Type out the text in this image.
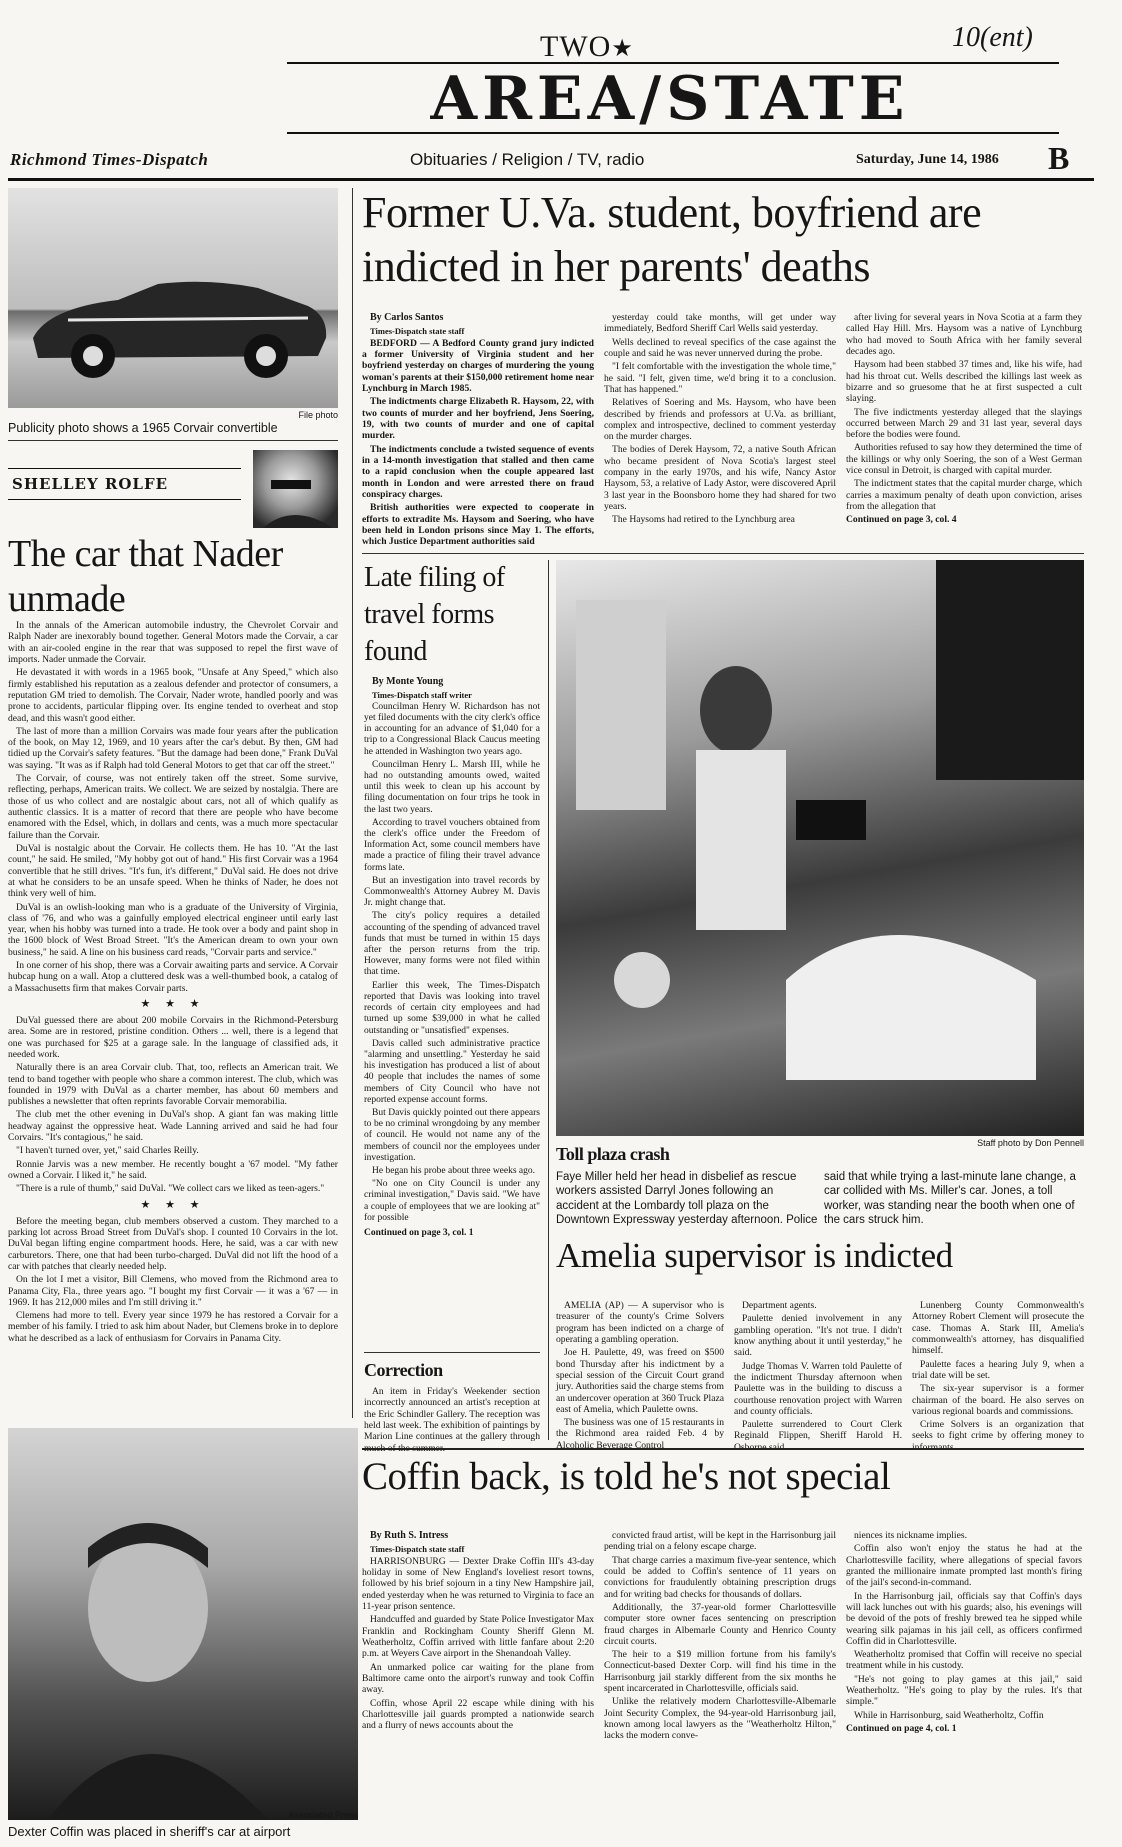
10(ent)
TWO★
AREA/STATE
Richmond Times-Dispatch	Obituaries / Religion / TV, radio	Saturday, June 14, 1986 B
File photo
Publicity photo shows a 1965 Corvair convertible
SHELLEY ROLFE
The car that Nader unmade

In the annals of the American automobile industry, the Chevrolet Corvair and Ralph Nader are inexorably bound together. General Motors made the Corvair, a car with an air-cooled engine in the rear that was supposed to repel the first wave of imports. Nader unmade the Corvair.

He devastated it with words in a 1965 book, "Unsafe at Any Speed," which also firmly established his reputation as a zealous defender and protector of consumers, a reputation GM tried to demolish. The Corvair, Nader wrote, handled poorly and was prone to accidents, particular flipping over. Its engine tended to overheat and stop dead, and this wasn't good either.

The last of more than a million Corvairs was made four years after the publication of the book, on May 12, 1969, and 10 years after the car's debut. By then, GM had tidied up the Corvair's safety features. "But the damage had been done," Frank DuVal was saying. "It was as if Ralph had told General Motors to get that car off the street."

The Corvair, of course, was not entirely taken off the street. Some survive, reflecting, perhaps, American traits. We collect. We are seized by nostalgia. There are those of us who collect and are nostalgic about cars, not all of which qualify as authentic classics. It is a matter of record that there are people who have become enamored with the Edsel, which, in dollars and cents, was a much more spectacular failure than the Corvair.

DuVal is nostalgic about the Corvair. He collects them. He has 10. "At the last count," he said. He smiled, "My hobby got out of hand." His first Corvair was a 1964 convertible that he still drives. "It's fun, it's different," DuVal said. He does not drive at what he considers to be an unsafe speed. When he thinks of Nader, he does not think very well of him.

DuVal is an owlish-looking man who is a graduate of the University of Virginia, class of '76, and who was a gainfully employed electrical engineer until early last year, when his hobby was turned into a trade. He took over a body and paint shop in the 1600 block of West Broad Street. "It's the American dream to own your own business," he said. A line on his business card reads, "Corvair parts and service."

In one corner of his shop, there was a Corvair awaiting parts and service. A Corvair hubcap hung on a wall. Atop a cluttered desk was a well-thumbed book, a catalog of a Massachusetts firm that makes Corvair parts.

★ ★ ★

DuVal guessed there are about 200 mobile Corvairs in the Richmond-Petersburg area. Some are in restored, pristine condition. Others ... well, there is a legend that one was purchased for $25 at a garage sale. In the language of classified ads, it needed work.

Naturally there is an area Corvair club. That, too, reflects an American trait. We tend to band together with people who share a common interest. The club, which was founded in 1979 with DuVal as a charter member, has about 60 members and publishes a newsletter that often reprints favorable Corvair memorabilia.

The club met the other evening in DuVal's shop. A giant fan was making little headway against the oppressive heat. Wade Lanning arrived and said he had four Corvairs. "It's contagious," he said.

"I haven't turned over, yet," said Charles Reilly.

Ronnie Jarvis was a new member. He recently bought a '67 model. "My father owned a Corvair. I liked it," he said.

"There is a rule of thumb," said DuVal. "We collect cars we liked as teen-agers."

★ ★ ★

Before the meeting began, club members observed a custom. They marched to a parking lot across Broad Street from DuVal's shop. I counted 10 Corvairs in the lot. DuVal began lifting engine compartment hoods. Here, he said, was a car with new carburetors. There, one that had been turbo-charged. DuVal did not lift the hood of a car with patches that clearly needed help.

On the lot I met a visitor, Bill Clemens, who moved from the Richmond area to Panama City, Fla., three years ago. "I bought my first Corvair — it was a '67 — in 1969. It has 212,000 miles and I'm still driving it."

Clemens had more to tell. Every year since 1979 he has restored a Corvair for a member of his family. I tried to ask him about Nader, but Clemens broke in to deplore what he described as a lack of enthusiasm for Corvairs in Panama City.

Associated Press
Dexter Coffin was placed in sheriff's car at airport
Former U.Va. student, boyfriend are indicted in her parents' deaths

By Carlos Santos

Times-Dispatch state staff

BEDFORD — A Bedford County grand jury indicted a former University of Virginia student and her boyfriend yesterday on charges of murdering the young woman's parents at their $150,000 retirement home near Lynchburg in March 1985.

The indictments charge Elizabeth R. Haysom, 22, with two counts of murder and her boyfriend, Jens Soering, 19, with two counts of murder and one of capital murder.

The indictments conclude a twisted sequence of events in a 14-month investigation that stalled and then came to a rapid conclusion when the couple appeared last month in London and were arrested there on fraud conspiracy charges.

British authorities were expected to cooperate in efforts to extradite Ms. Haysom and Soering, who have been held in London prisons since May 1. The efforts, which Justice Department authorities said

yesterday could take months, will get under way immediately, Bedford Sheriff Carl Wells said yesterday.

Wells declined to reveal specifics of the case against the couple and said he was never unnerved during the probe.

"I felt comfortable with the investigation the whole time," he said. "I felt, given time, we'd bring it to a conclusion. That has happened."

Relatives of Soering and Ms. Haysom, who have been described by friends and professors at U.Va. as brilliant, complex and introspective, declined to comment yesterday on the murder charges.

The bodies of Derek Haysom, 72, a native South African who became president of Nova Scotia's largest steel company in the early 1970s, and his wife, Nancy Astor Haysom, 53, a relative of Lady Astor, were discovered April 3 last year in the Boonsboro home they had shared for two years.

The Haysoms had retired to the Lynchburg area

after living for several years in Nova Scotia at a farm they called Hay Hill. Mrs. Haysom was a native of Lynchburg who had moved to South Africa with her family several decades ago.

Haysom had been stabbed 37 times and, like his wife, had had his throat cut. Wells described the killings last week as bizarre and so gruesome that he at first suspected a cult slaying.

The five indictments yesterday alleged that the slayings occurred between March 29 and 31 last year, several days before the bodies were found.

Authorities refused to say how they determined the time of the killings or why only Soering, the son of a West German vice consul in Detroit, is charged with capital murder.

The indictment states that the capital murder charge, which carries a maximum penalty of death upon conviction, arises from the allegation that

Continued on page 3, col. 4

Late filing of travel forms found

By Monte Young

Times-Dispatch staff writer

Councilman Henry W. Richardson has not yet filed documents with the city clerk's office in accounting for an advance of $1,040 for a trip to a Congressional Black Caucus meeting he attended in Washington two years ago.

Councilman Henry L. Marsh III, while he had no outstanding amounts owed, waited until this week to clean up his account by filing documentation on four trips he took in the last two years.

According to travel vouchers obtained from the clerk's office under the Freedom of Information Act, some council members have made a practice of filing their travel advance forms late.

But an investigation into travel records by Commonwealth's Attorney Aubrey M. Davis Jr. might change that.

The city's policy requires a detailed accounting of the spending of advanced travel funds that must be turned in within 15 days after the person returns from the trip. However, many forms were not filed within that time.

Earlier this week, The Times-Dispatch reported that Davis was looking into travel records of certain city employees and had turned up some $39,000 in what he called outstanding or "unsatisfied" expenses.

Davis called such administrative practice "alarming and unsettling." Yesterday he said his investigation has produced a list of about 40 people that includes the names of some members of City Council who have not reported expense account forms.

But Davis quickly pointed out there appears to be no criminal wrongdoing by any member of council. He would not name any of the members of council nor the employees under investigation.

He began his probe about three weeks ago.

"No one on City Council is under any criminal investigation," Davis said. "We have a couple of employees that we are looking at" for possible

Continued on page 3, col. 1

Correction

An item in Friday's Weekender section incorrectly announced an artist's reception at the Eric Schindler Gallery. The reception was held last week. The exhibition of paintings by Marion Line continues at the gallery through much of the summer.

Staff photo by Don Pennell
Toll plaza crash
Faye Miller held her head in disbelief as rescue workers assisted Darryl Jones following an accident at the Lombardy toll plaza on the Downtown Expressway yesterday afternoon. Police
said that while trying a last-minute lane change, a car collided with Ms. Miller's car. Jones, a toll worker, was standing near the booth when one of the cars struck him.
Amelia supervisor is indicted

AMELIA (AP) — A supervisor who is treasurer of the county's Crime Solvers program has been indicted on a charge of operating a gambling operation.

Joe H. Paulette, 49, was freed on $500 bond Thursday after his indictment by a special session of the Circuit Court grand jury. Authorities said the charge stems from an undercover operation at 360 Truck Plaza east of Amelia, which Paulette owns.

The business was one of 15 restaurants in the Richmond area raided Feb. 4 by Alcoholic Beverage Control

Department agents.

Paulette denied involvement in any gambling operation. "It's not true. I didn't know anything about it until yesterday," he said.

Judge Thomas V. Warren told Paulette of the indictment Thursday afternoon when Paulette was in the building to discuss a courthouse renovation project with Warren and county officials.

Paulette surrendered to Court Clerk Reginald Flippen, Sheriff Harold H. Osborne said.

Lunenberg County Commonwealth's Attorney Robert Clement will prosecute the case. Thomas A. Stark III, Amelia's commonwealth's attorney, has disqualified himself.

Paulette faces a hearing July 9, when a trial date will be set.

The six-year supervisor is a former chairman of the board. He also serves on various regional boards and commissions.

Crime Solvers is an organization that seeks to fight crime by offering money to informants.

Coffin back, is told he's not special

By Ruth S. Intress

Times-Dispatch state staff

HARRISONBURG — Dexter Drake Coffin III's 43-day holiday in some of New England's loveliest resort towns, followed by his brief sojourn in a tiny New Hampshire jail, ended yesterday when he was returned to Virginia to face an 11-year prison sentence.

Handcuffed and guarded by State Police Investigator Max Franklin and Rockingham County Sheriff Glenn M. Weatherholtz, Coffin arrived with little fanfare about 2:20 p.m. at Weyers Cave airport in the Shenandoah Valley.

An unmarked police car waiting for the plane from Baltimore came onto the airport's runway and took Coffin away.

Coffin, whose April 22 escape while dining with his Charlottesville jail guards prompted a nationwide search and a flurry of news accounts about the

convicted fraud artist, will be kept in the Harrisonburg jail pending trial on a felony escape charge.

That charge carries a maximum five-year sentence, which could be added to Coffin's sentence of 11 years on convictions for fraudulently obtaining prescription drugs and for writing bad checks for thousands of dollars.

Additionally, the 37-year-old former Charlottesville computer store owner faces sentencing on prescription fraud charges in Albemarle County and Henrico County circuit courts.

The heir to a $19 million fortune from his family's Connecticut-based Dexter Corp. will find his time in the Harrisonburg jail starkly different from the six months he spent incarcerated in Charlottesville, officials said.

Unlike the relatively modern Charlottesville-Albemarle Joint Security Complex, the 94-year-old Harrisonburg jail, known among local lawyers as the "Weatherholtz Hilton," lacks the modern conve-

niences its nickname implies.

Coffin also won't enjoy the status he had at the Charlottesville facility, where allegations of special favors granted the millionaire inmate prompted last month's firing of the jail's second-in-command.

In the Harrisonburg jail, officials say that Coffin's days will lack lunches out with his guards; also, his evenings will be devoid of the pots of freshly brewed tea he sipped while wearing silk pajamas in his jail cell, as officers confirmed Coffin did in Charlottesville.

Weatherholtz promised that Coffin will receive no special treatment while in his custody.

"He's not going to play games at this jail," said Weatherholtz. "He's going to play by the rules. It's that simple."

While in Harrisonburg, said Weatherholtz, Coffin

Continued on page 4, col. 1
